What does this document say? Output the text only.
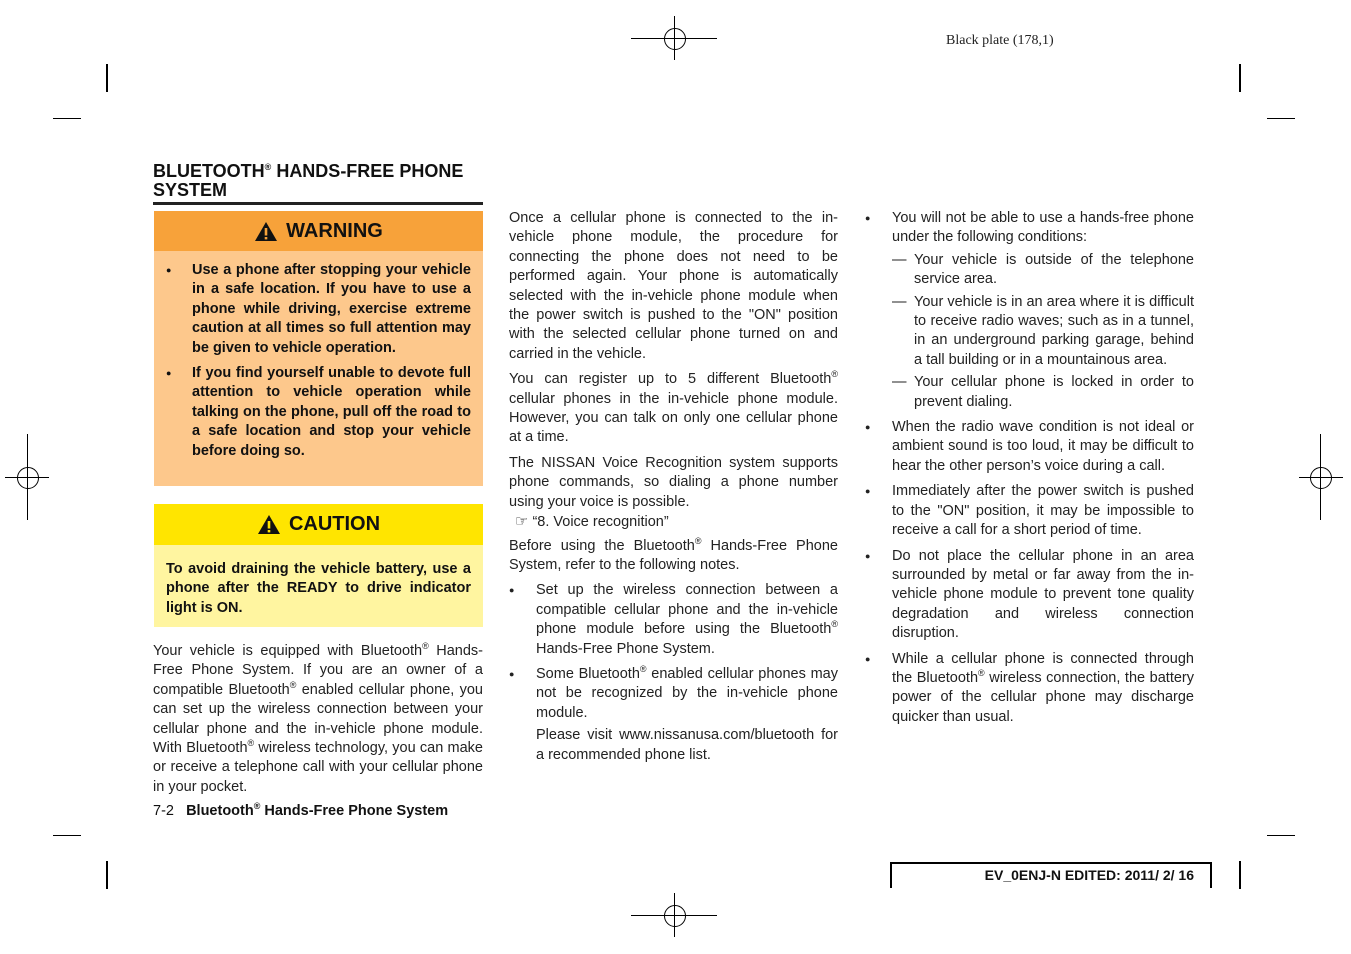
Black plate (178,1)
BLUETOOTH® HANDS-FREE PHONE
SYSTEM
WARNING
● Use a phone after stopping your vehicle in a safe location. If you have to use a phone while driving, exercise extreme caution at all times so full attention may be given to vehicle operation.
● If you find yourself unable to devote full attention to vehicle operation while talking on the phone, pull off the road to a safe location and stop your vehicle before doing so.
CAUTION
To avoid draining the vehicle battery, use a phone after the READY to drive indicator light is ON.

Your vehicle is equipped with Bluetooth® Hands-Free Phone System. If you are an owner of a compatible Bluetooth® enabled cellular phone, you can set up the wireless connection between your cellular phone and the in-vehicle phone module. With Bluetooth® wireless technology, you can make or receive a telephone call with your cellular phone in your pocket.

7-2 Bluetooth® Hands-Free Phone System

Once a cellular phone is connected to the in-vehicle phone module, the procedure for connecting the phone does not need to be performed again. Your phone is automatically selected with the in-vehicle phone module when the power switch is pushed to the "ON" position with the selected cellular phone turned on and carried in the vehicle.

You can register up to 5 different Bluetooth® cellular phones in the in-vehicle phone module. However, you can talk on only one cellular phone at a time.

The NISSAN Voice Recognition system supports phone commands, so dialing a phone number using your voice is possible.

☞ “8. Voice recognition”

Before using the Bluetooth® Hands-Free Phone System, refer to the following notes.

● Set up the wireless connection between a compatible cellular phone and the in-vehicle phone module before using the Bluetooth® Hands-Free Phone System.
● Some Bluetooth® enabled cellular phones may not be recognized by the in-vehicle phone module.
Please visit www.nissanusa.com/bluetooth for a recommended phone list.
● You will not be able to use a hands-free phone under the following conditions:
— Your vehicle is outside of the telephone service area.
— Your vehicle is in an area where it is difficult to receive radio waves; such as in a tunnel, in an underground parking garage, behind a tall building or in a mountainous area.
— Your cellular phone is locked in order to prevent dialing.
● When the radio wave condition is not ideal or ambient sound is too loud, it may be difficult to hear the other person’s voice during a call.
● Immediately after the power switch is pushed to the "ON" position, it may be impossible to receive a call for a short period of time.
● Do not place the cellular phone in an area surrounded by metal or far away from the in-vehicle phone module to prevent tone quality degradation and wireless connection disruption.
● While a cellular phone is connected through the Bluetooth® wireless connection, the battery power of the cellular phone may discharge quicker than usual.
EV_0ENJ-N EDITED: 2011/ 2/ 16
